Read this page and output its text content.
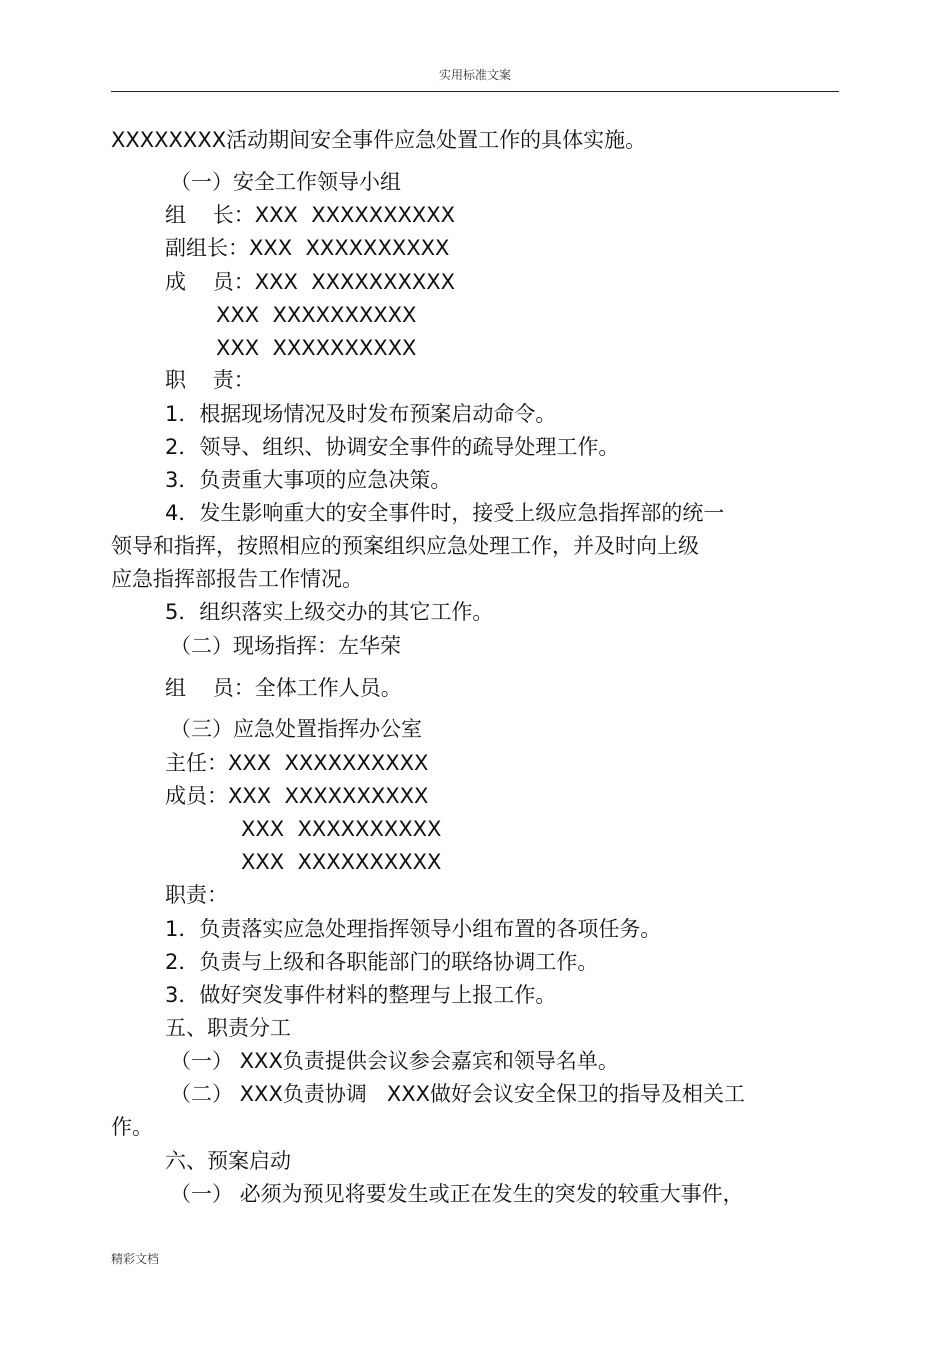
实用标准文案
XXXXXXXX活动期间安全事件应急处置工作的具体实施。
（一）安全工作领导小组
组    长：XXX  XXXXXXXXXX
副组长：XXX  XXXXXXXXXX
成    员：XXX  XXXXXXXXXX
XXX  XXXXXXXXXX
XXX  XXXXXXXXXX
职    责：
1．根据现场情况及时发布预案启动命令。
2．领导、组织、协调安全事件的疏导处理工作。
3．负责重大事项的应急决策。
4．发生影响重大的安全事件时，接受上级应急指挥部的统一
领导和指挥，按照相应的预案组织应急处理工作，并及时向上级
应急指挥部报告工作情况。
5．组织落实上级交办的其它工作。
（二）现场指挥：左华荣
组    员：全体工作人员。
（三）应急处置指挥办公室
主任：XXX  XXXXXXXXXX
成员：XXX  XXXXXXXXXX
XXX  XXXXXXXXXX
XXX  XXXXXXXXXX
职责：
1．负责落实应急处理指挥领导小组布置的各项任务。
2．负责与上级和各职能部门的联络协调工作。
3．做好突发事件材料的整理与上报工作。
五、职责分工
（一） XXX负责提供会议参会嘉宾和领导名单。
（二） XXX负责协调   XXX做好会议安全保卫的指导及相关工
作。
六、预案启动
（一） 必须为预见将要发生或正在发生的突发的较重大事件，
精彩文档
